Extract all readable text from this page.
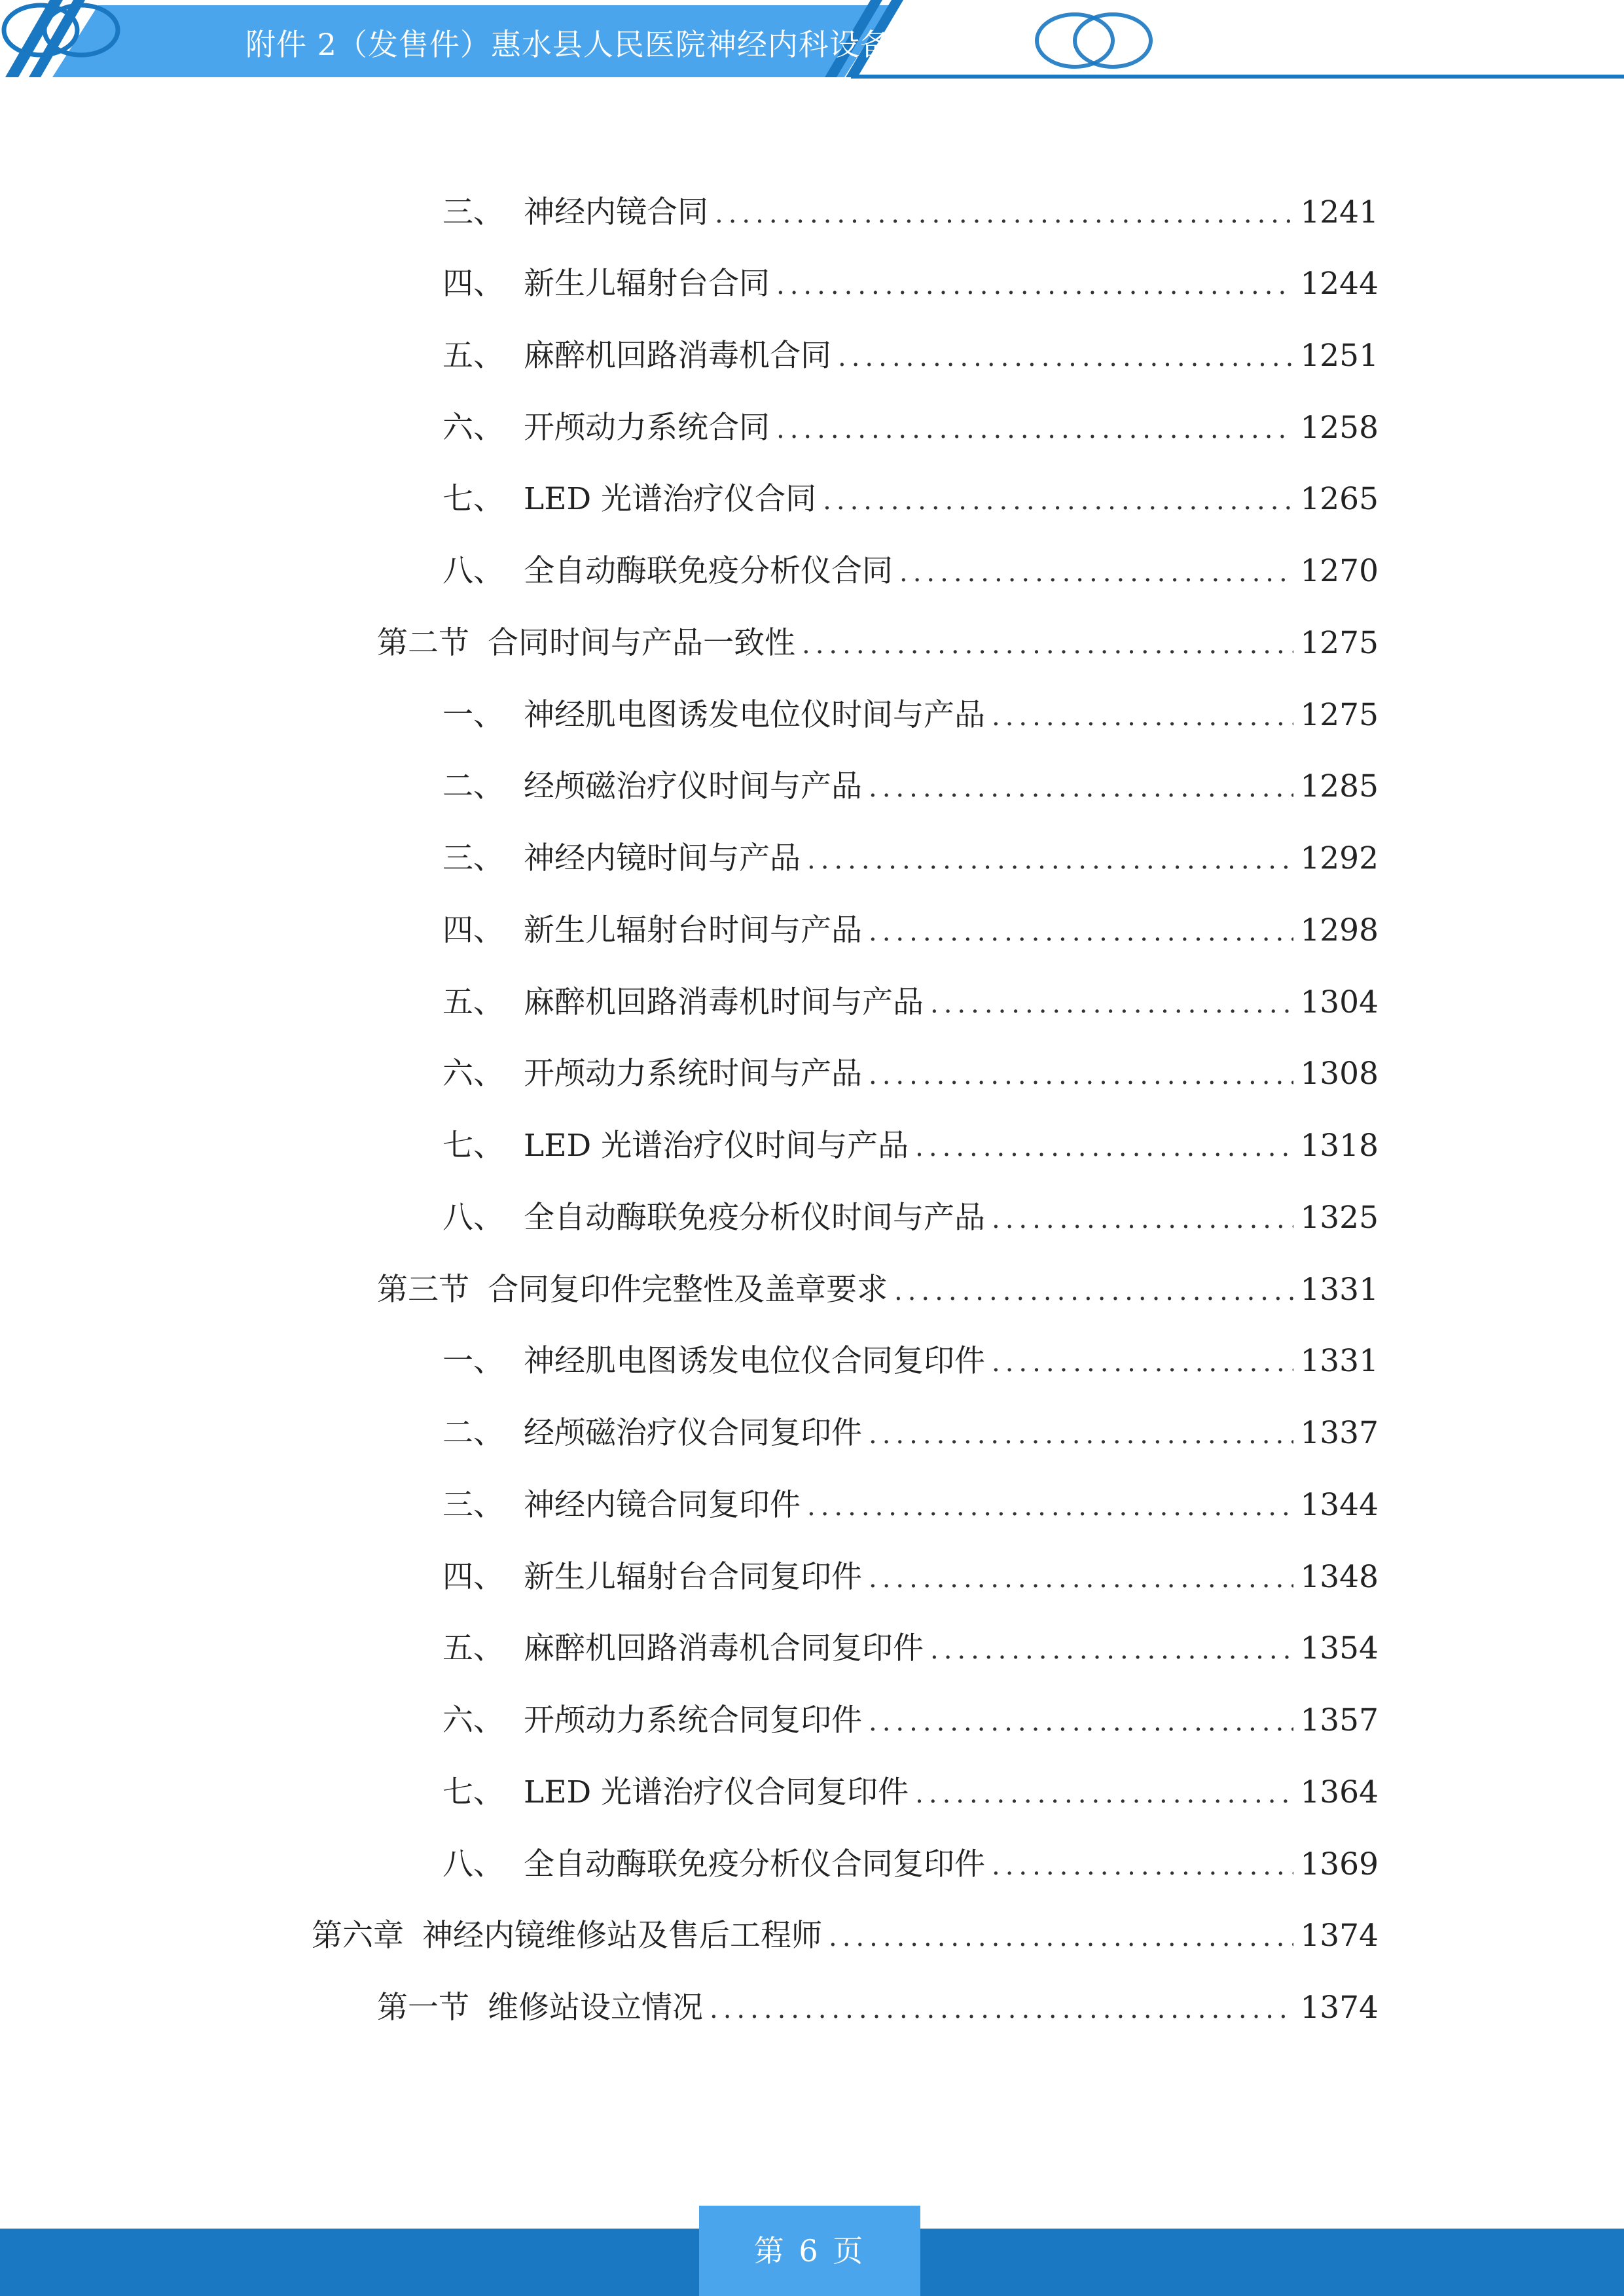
附件 2（发售件）惠水县人民医院神经内科设备采购项目
三、 神经内镜合同 .....	1241
四、 新生儿辐射台合同 .....	1244
五、 麻醉机回路消毒机合同 .....	1251
六、 开颅动力系统合同 .....	1258
七、 LED 光谱治疗仪合同 .....	1265
八、 全自动酶联免疫分析仪合同 .....	1270
第二节 合同时间与产品一致性 .....	1275
一、 神经肌电图诱发电位仪时间与产品 .....	1275
二、 经颅磁治疗仪时间与产品 .....	1285
三、 神经内镜时间与产品 .....	1292
四、 新生儿辐射台时间与产品 .....	1298
五、 麻醉机回路消毒机时间与产品 .....	1304
六、 开颅动力系统时间与产品 .....	1308
七、 LED 光谱治疗仪时间与产品 .....	1318
八、 全自动酶联免疫分析仪时间与产品 .....	1325
第三节 合同复印件完整性及盖章要求 .....	1331
一、 神经肌电图诱发电位仪合同复印件 .....	1331
二、 经颅磁治疗仪合同复印件 .....	1337
三、 神经内镜合同复印件 .....	1344
四、 新生儿辐射台合同复印件 .....	1348
五、 麻醉机回路消毒机合同复印件 .....	1354
六、 开颅动力系统合同复印件 .....	1357
七、 LED 光谱治疗仪合同复印件 .....	1364
八、 全自动酶联免疫分析仪合同复印件 .....	1369
第六章 神经内镜维修站及售后工程师 .....	1374
第一节 维修站设立情况 .....	1374
第 6 页
